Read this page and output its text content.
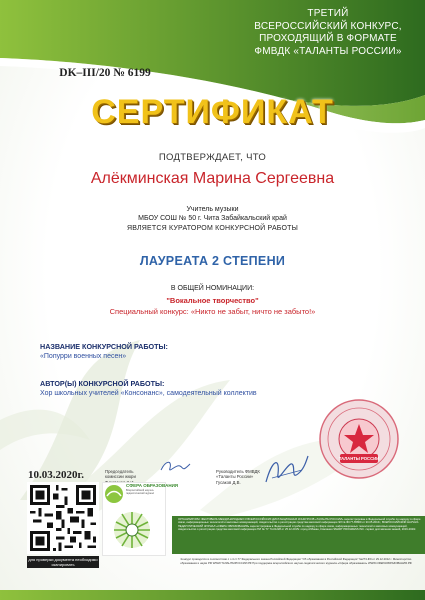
ТРЕТИЙ
ВСЕРОССИЙСКИЙ КОНКУРС,
ПРОХОДЯЩИЙ В ФОРМАТЕ
ФМВДК «ТАЛАНТЫ РОССИИ»
DK–III/20 № 6199
СЕРТИФИКАТ
ПОДТВЕРЖДАЕТ, ЧТО
Алёкминская Марина Сергеевна
Учитель музыки
МБОУ СОШ № 50 г. Чита Забайкальский край
ЯВЛЯЕТСЯ КУРАТОРОМ КОНКУРСНОЙ РАБОТЫ
ЛАУРЕАТА 2 СТЕПЕНИ
В ОБЩЕЙ НОМИНАЦИИ:
"Вокальное творчество"
Специальный конкурс: «Никто не забыт, ничто не забыто!»
НАЗВАНИЕ КОНКУРСНОЙ РАБОТЫ:
«Попурри военных песен»
АВТОР(Ы) КОНКУРСНОЙ РАБОТЫ:
Хор школьных учителей «Консонанс», самодеятельный коллектив
ТАЛАНТЫ РОССИИ
10.03.2020г.	Председатель
комиссии жюри
Руководитель ФМВДК
«Таланты России»
Гусаков Д.В.
для проверки документа необходимо сканировать
СФЕРА ОБРАЗОВАНИЯ
Всероссийский научно-педагогический журнал
ОРГАНИЗАТОРЫ: ФЕСТИВАЛЬ МЕЖДУНАРОДНЫХ И ВСЕРОССИЙСКИХ ДИСТАНЦИОННЫХ КОНКУРСОВ «ТАЛАНТЫ РОССИИ» зарегистрирован в Федеральной службе по надзору в сфере связи, информационных технологий и массовых коммуникаций, свидетельство о регистрации средства массовой информации ЭЛ № ФС77-65809 от 30.05.2016г.; ВСЕРОССИЙСКИЙ НАУЧНО-ПЕДАГОГИЧЕСКИЙ ЖУРНАЛ «СФЕРА ОБРАЗОВАНИЯ» зарегистрирован в Федеральной службе по надзору в сфере связи, информационных технологий и массовых коммуникаций, свидетельство о регистрации средства массовой информации ПИ № ТУ 74-01228 от 25.12.2015г. город Аббакан, Компания SMART PROGRESS INC. сервис доставления знаний, 2016-2020г.
Конкурс проводится в соответствии с ч.4 ст.77 Федерального закона Российской Федерации "Об образовании в Российской Федерации" №273-ФЗ от 29.12.2012 г. Министерство образования и науки РФ WWW.ТАЛАНТЫРОССИИ.РФ При поддержке всероссийского научно-педагогического журнала «Сфера образования» WWW.СФЕРАОБРАЗОВАНИЯ.РФ
